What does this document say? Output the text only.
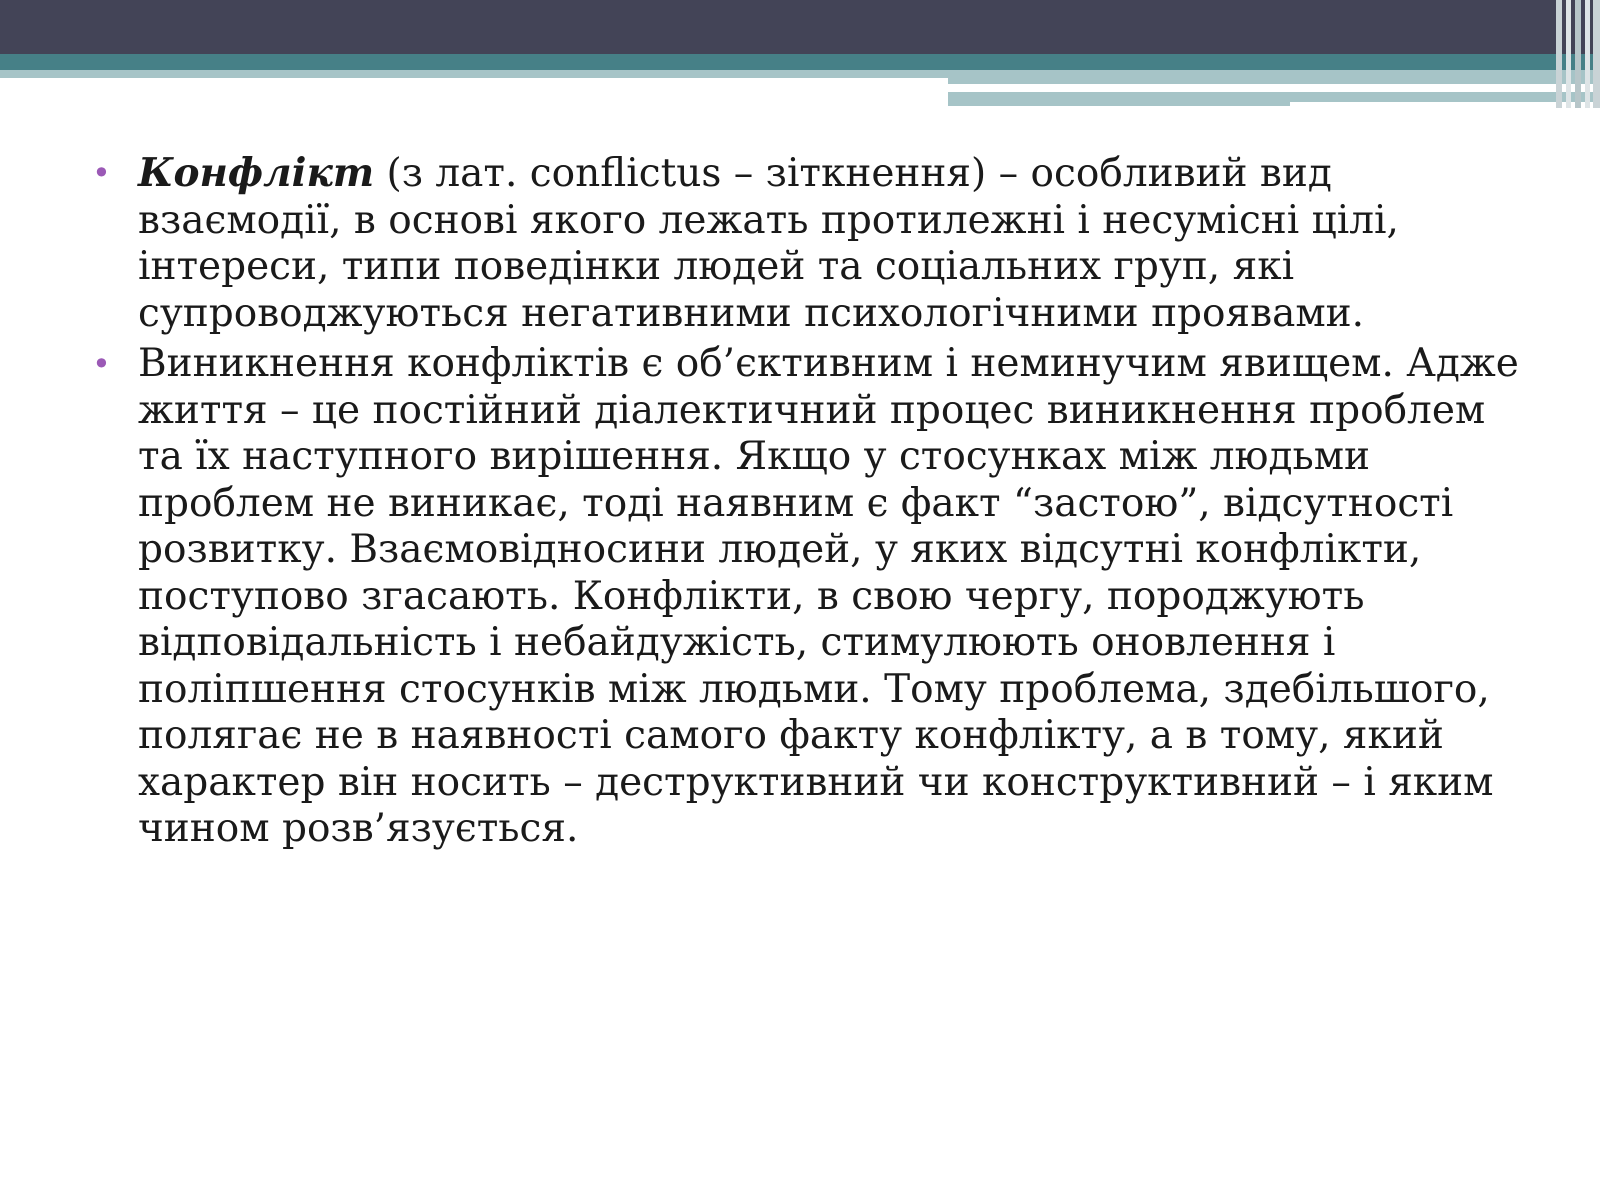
• Конфлікт (з лат. conflictus – зіткнення) – особливий вид взаємодії, в основі якого лежать протилежні і несумісні цілі, інтереси, типи поведінки людей та соціальних груп, які супроводжуються негативними психологічними проявами.
• Виникнення конфліктів є об’єктивним і неминучим явищем. Адже життя – це постійний діалектичний процес виникнення проблем та їх наступного вирішення. Якщо у стосунках між людьми проблем не виникає, тоді наявним є факт “застою”, відсутності розвитку. Взаємовідносини людей, у яких відсутні конфлікти, поступово згасають. Конфлікти, в свою чергу, породжують відповідальність і небайдужість, стимулюють оновлення і поліпшення стосунків між людьми. Тому проблема, здебільшого, полягає не в наявності самого факту конфлікту, а в тому, який характер він носить – деструктивний чи конструктивний – і яким чином розв’язується.
